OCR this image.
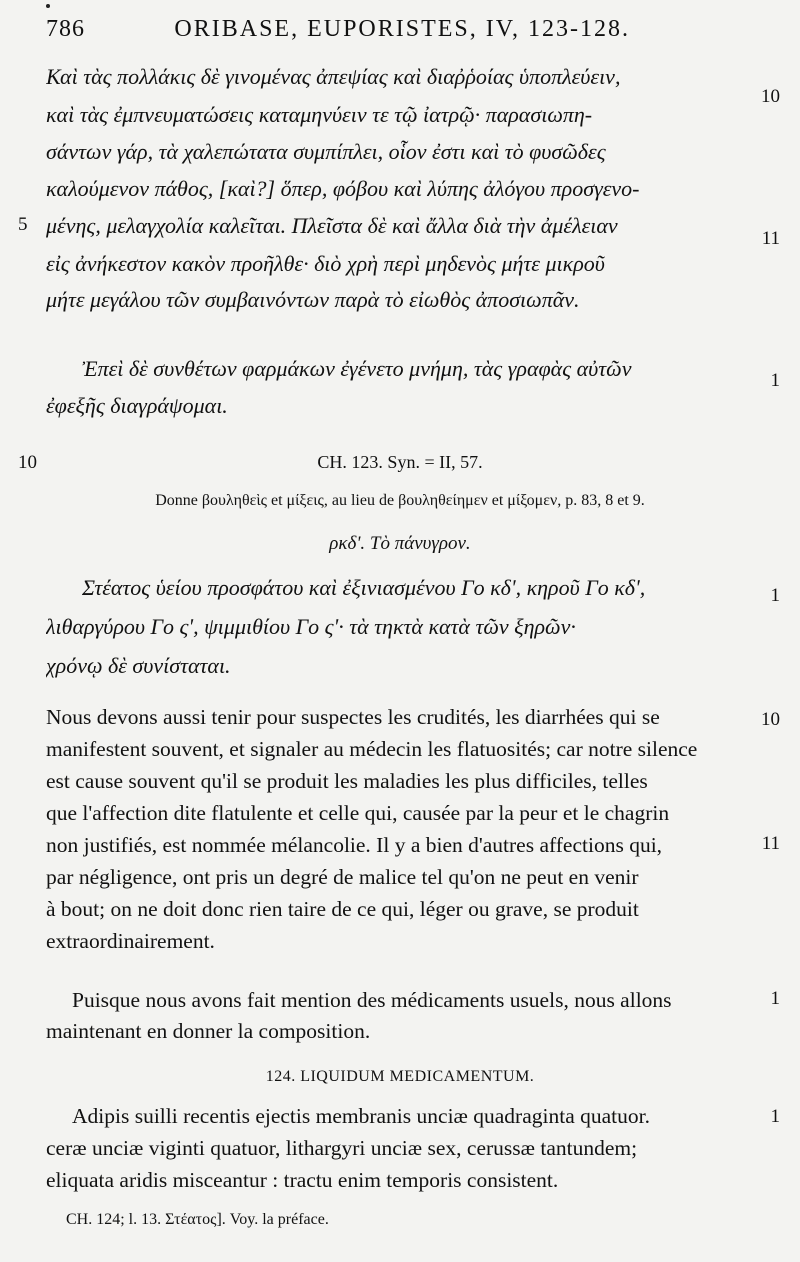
786	ORIBASE, EUPORISTES, IV, 123-128.
Καὶ τὰς πολλάκις δὲ γινομένας ἀπεψίας καὶ διαῤῥοίας ὑποπλεύειν,
καὶ τὰς ἐμπνευματώσεις καταμηνύειν τε τῷ ἰατρῷ· παρασιωπη-
σάντων γάρ, τὰ χαλεπώτατα συμπίπλει, οἷον ἐστι καὶ τὸ φυσῶδες
καλούμενον πάθος, [καὶ?] ὅπερ, φόβου καὶ λύπης ἀλόγου προσγενο-
μένης, μελαγχολία καλεῖται. Πλεῖστα δὲ καὶ ἄλλα διὰ τὴν ἀμέλειαν
εἰς ἀνήκεστον κακὸν προῆλθε· διὸ χρὴ περὶ μηδενὸς μήτε μικροῦ
μήτε μεγάλου τῶν συμβαινόντων παρὰ τὸ εἰωθὸς ἀποσιωπᾶν.
10
5
11
Ἐπεὶ δὲ συνθέτων φαρμάκων ἐγένετο μνήμη, τὰς γραφὰς αὐτῶν
ἐφεξῆς διαγράψομαι.
1
10	CH. 123. Syn. = II, 57.
Donne βουληθεὶς et μίξεις, au lieu de βουληθείημεν et μίξομεν, p. 83, 8 et 9.
ρκδʹ. Τὸ πάνυγρον.
Στέατος ὑείου προσφάτου καὶ ἐξινιασμένου Γο κδʹ, κηροῦ Γο κδʹ,
λιθαργύρου Γο ςʹ, ψιμμιθίου Γο ςʹ· τὰ τηκτὰ κατὰ τῶν ξηρῶν·
χρόνῳ δὲ συνίσταται.
1
Nous devons aussi tenir pour suspectes les crudités, les diarrhées qui se
manifestent souvent, et signaler au médecin les flatuosités; car notre silence
est cause souvent qu'il se produit les maladies les plus difficiles, telles
que l'affection dite flatulente et celle qui, causée par la peur et le chagrin
non justifiés, est nommée mélancolie. Il y a bien d'autres affections qui,
par négligence, ont pris un degré de malice tel qu'on ne peut en venir
à bout; on ne doit donc rien taire de ce qui, léger ou grave, se produit
extraordinairement.
10
11
Puisque nous avons fait mention des médicaments usuels, nous allons
maintenant en donner la composition.
1
124. LIQUIDUM MEDICAMENTUM.
Adipis suilli recentis ejectis membranis unciæ quadraginta quatuor.
ceræ unciæ viginti quatuor, lithargyri unciæ sex, cerussæ tantundem;
eliquata aridis misceantur : tractu enim temporis consistent.
1
CH. 124; l. 13. Στέατος]. Voy. la préface.
